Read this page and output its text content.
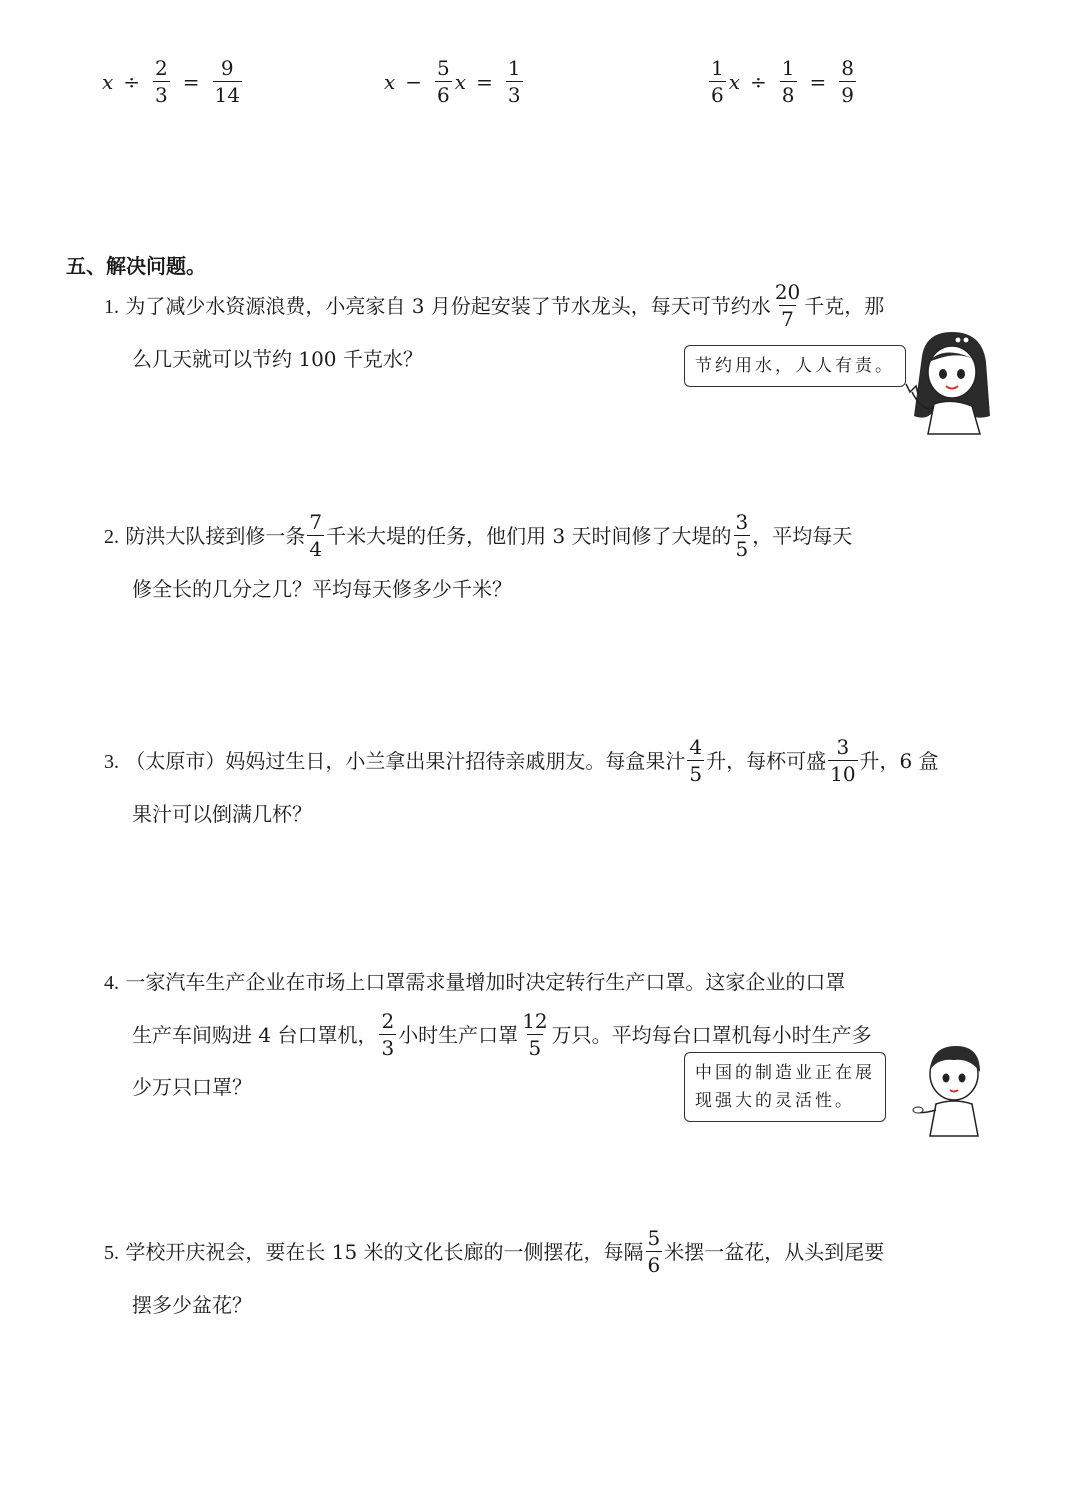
$x \div \frac{2}{3} = \frac{9}{14}$	$x - \frac{5}{6}$ $x = \frac{1}{3}$	$\frac{1}{6}$ $x \div \frac{1}{8} = \frac{8}{9}$
五、解决问题。
1. 为了减少水资源浪费，小亮家自 3 月份起安装了节水龙头，每天可节约水 $\frac{20}{7}$ 千克，那
么几天就可以节约 100 千克水？	节约用水，人人有责。
2. 防洪大队接到修一条 $\frac{7}{4}$ 千米大堤的任务，他们用 3 天时间修了大堤的 $\frac{3}{5}$ ，平均每天
修全长的几分之几？平均每天修多少千米？
3. （太原市）妈妈过生日，小兰拿出果汁招待亲戚朋友。每盒果汁 $\frac{4}{5}$ 升，每杯可盛 $\frac{3}{10}$ 升，6 盒
果汁可以倒满几杯？
4. 一家汽车生产企业在市场上口罩需求量增加时决定转行生产口罩。这家企业的口罩
生产车间购进 4 台口罩机， $\frac{2}{3}$ 小时生产口罩 $\frac{12}{5}$ 万只。平均每台口罩机每小时生产多
少万只口罩？
中国的制造业正在展
现强大的灵活性。
5. 学校开庆祝会，要在长 15 米的文化长廊的一侧摆花，每隔 $\frac{5}{6}$ 米摆一盆花，从头到尾要
摆多少盆花？
